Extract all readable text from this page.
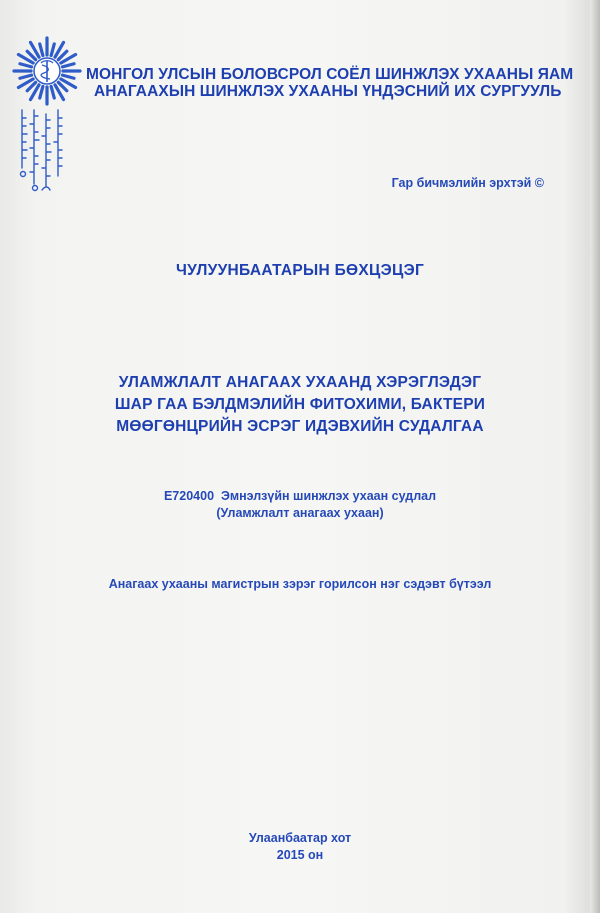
МОНГОЛ УЛСЫН БОЛОВСРОЛ СОЁЛ ШИНЖЛЭХ УХААНЫ ЯАМ
АНАГААХЫН ШИНЖЛЭХ УХААНЫ ҮНДЭСНИЙ ИХ СУРГУУЛЬ
Гар бичмэлийн эрхтэй ©
ЧУЛУУНБААТАРЫН БӨХЦЭЦЭГ
УЛАМЖЛАЛТ АНАГААХ УХААНД ХЭРЭГЛЭДЭГ
ШАР ГАА БЭЛДМЭЛИЙН ФИТОХИМИ, БАКТЕРИ
МӨӨГӨНЦРИЙН ЭСРЭГ ИДЭВХИЙН СУДАЛГАА
E720400  Эмнэлзүйн шинжлэх ухаан судлал
(Уламжлалт анагаах ухаан)
Анагаах ухааны магистрын зэрэг горилсон нэг сэдэвт бүтээл
Улаанбаатар хот
2015 он
